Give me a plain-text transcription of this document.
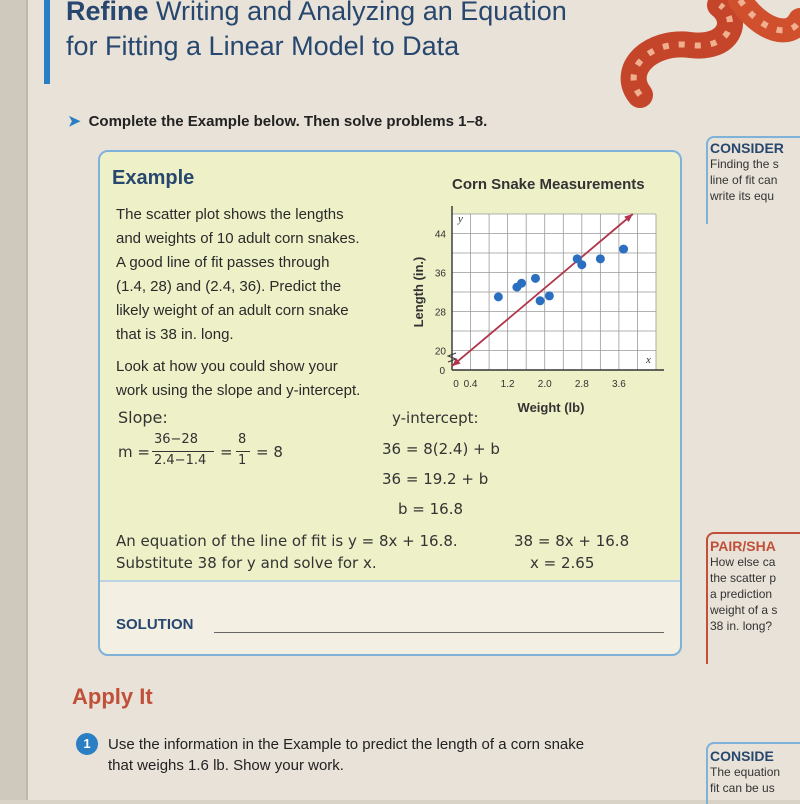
Refine Writing and Analyzing an Equation
for Fitting a Linear Model to Data
➤ Complete the Example below. Then solve problems 1–8.
Example
The scatter plot shows the lengths
and weights of 10 adult corn snakes.
A good line of fit passes through
(1.4, 28) and (2.4, 36). Predict the
likely weight of an adult corn snake
that is 38 in. long.
Look at how you could show your
work using the slope and y-intercept.
Slope:
m =
36−28
2.4−1.4 =
8
1 = 8
y-intercept:
36 = 8(2.4) + b
36 = 19.2 + b
b = 16.8
An equation of the line of fit is y = 8x + 16.8.
Substitute 38 for y and solve for x.
38 = 8x + 16.8
x = 2.65
SOLUTION
Corn Snake Measurements
0 0.4 1.2 2.0 2.8 3.6
20
28
36
44
0
Weight (lb)
Length (in.)
x
y
CONSIDER
Finding the s
line of fit can
write its equ
PAIR/SHA
How else ca
the scatter p
a prediction
weight of a s
38 in. long?
CONSIDE
The equation
fit can be us
Apply It
1	Use the information in the Example to predict the length of a corn snake
that weighs 1.6 lb. Show your work.
